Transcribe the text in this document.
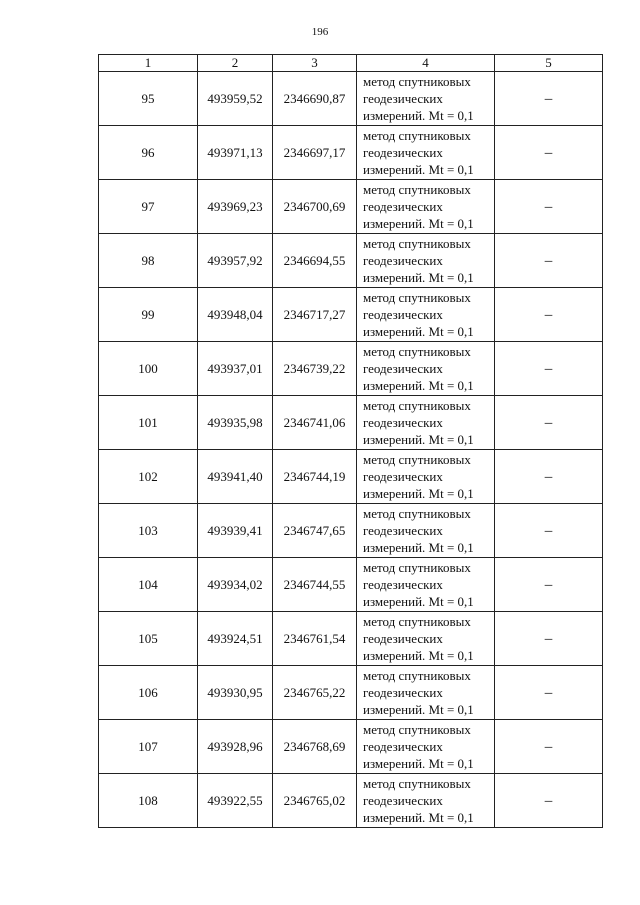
196
1	2	3	4	5
95	493959,52	2346690,87	метод спутниковых
геодезических
измерений. Mt = 0,1	–
96	493971,13	2346697,17	метод спутниковых
геодезических
измерений. Mt = 0,1	–
97	493969,23	2346700,69	метод спутниковых
геодезических
измерений. Mt = 0,1	–
98	493957,92	2346694,55	метод спутниковых
геодезических
измерений. Mt = 0,1	–
99	493948,04	2346717,27	метод спутниковых
геодезических
измерений. Mt = 0,1	–
100	493937,01	2346739,22	метод спутниковых
геодезических
измерений. Mt = 0,1	–
101	493935,98	2346741,06	метод спутниковых
геодезических
измерений. Mt = 0,1	–
102	493941,40	2346744,19	метод спутниковых
геодезических
измерений. Mt = 0,1	–
103	493939,41	2346747,65	метод спутниковых
геодезических
измерений. Mt = 0,1	–
104	493934,02	2346744,55	метод спутниковых
геодезических
измерений. Mt = 0,1	–
105	493924,51	2346761,54	метод спутниковых
геодезических
измерений. Mt = 0,1	–
106	493930,95	2346765,22	метод спутниковых
геодезических
измерений. Mt = 0,1	–
107	493928,96	2346768,69	метод спутниковых
геодезических
измерений. Mt = 0,1	–
108	493922,55	2346765,02	метод спутниковых
геодезических
измерений. Mt = 0,1	–
